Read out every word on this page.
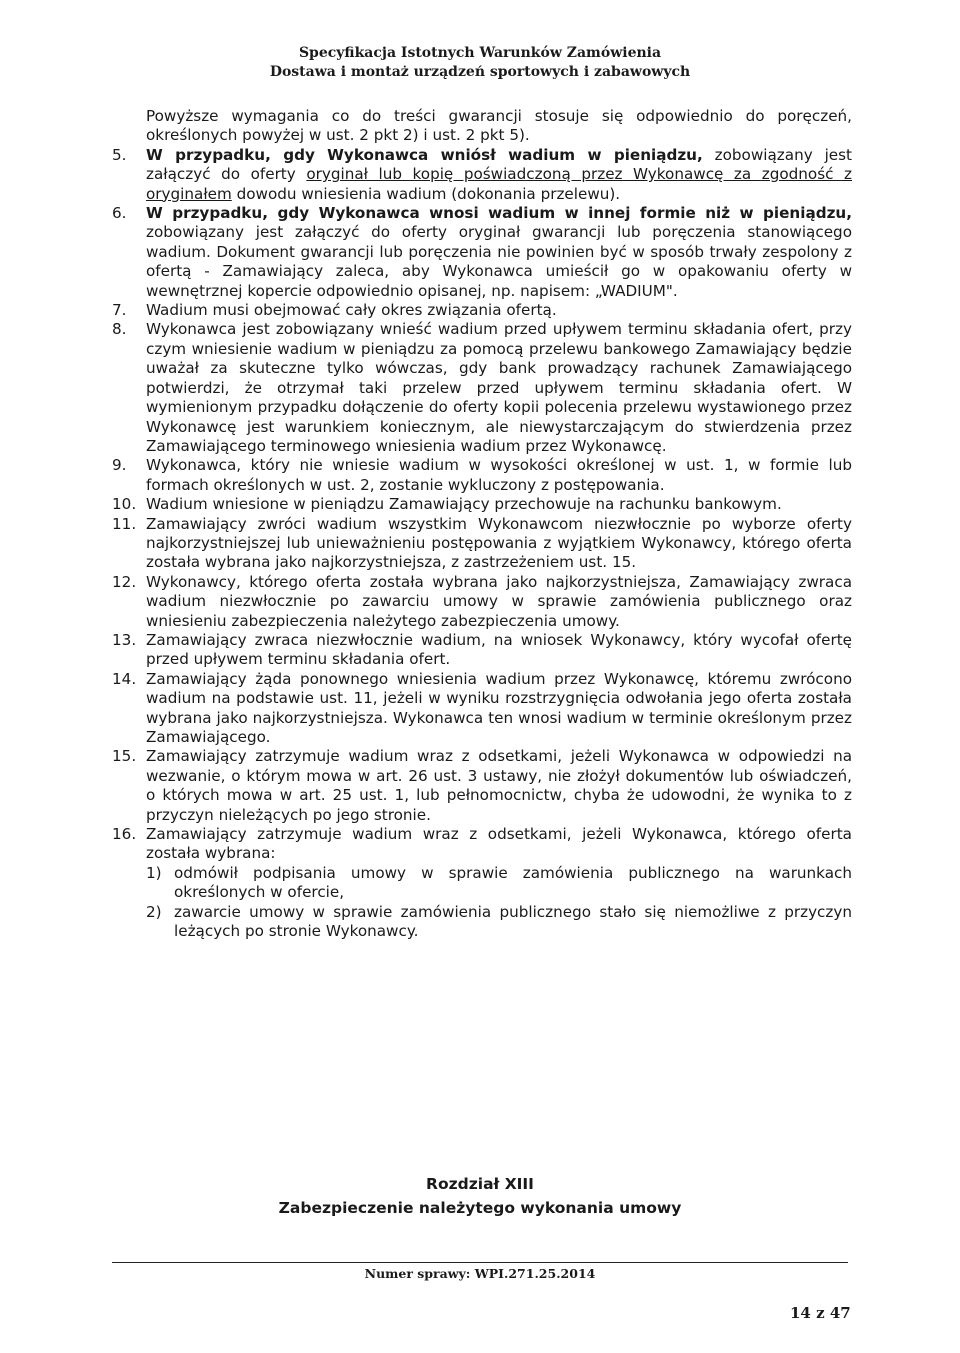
Specyfikacja Istotnych Warunków Zamówienia
Dostawa i montaż urządzeń sportowych i zabawowych
Powyższe wymagania co do treści gwarancji stosuje się odpowiednio do poręczeń, określonych powyżej w ust. 2 pkt 2) i ust. 2 pkt 5).
5.	W przypadku, gdy Wykonawca wniósł wadium w pieniądzu, zobowiązany jest załączyć do oferty oryginał lub kopię poświadczoną przez Wykonawcę za zgodność z oryginałem dowodu wniesienia wadium (dokonania przelewu).
6.	W przypadku, gdy Wykonawca wnosi wadium w innej formie niż w pieniądzu, zobowiązany jest załączyć do oferty oryginał gwarancji lub poręczenia stanowiącego wadium. Dokument gwarancji lub poręczenia nie powinien być w sposób trwały zespolony z ofertą - Zamawiający zaleca, aby Wykonawca umieścił go w opakowaniu oferty w wewnętrznej kopercie odpowiednio opisanej, np. napisem: „WADIUM".
7.	Wadium musi obejmować cały okres związania ofertą.
8.	Wykonawca jest zobowiązany wnieść wadium przed upływem terminu składania ofert, przy czym wniesienie wadium w pieniądzu za pomocą przelewu bankowego Zamawiający będzie uważał za skuteczne tylko wówczas, gdy bank prowadzący rachunek Zamawiającego potwierdzi, że otrzymał taki przelew przed upływem terminu składania ofert. W wymienionym przypadku dołączenie do oferty kopii polecenia przelewu wystawionego przez Wykonawcę jest warunkiem koniecznym, ale niewystarczającym do stwierdzenia przez Zamawiającego terminowego wniesienia wadium przez Wykonawcę.
9.	Wykonawca, który nie wniesie wadium w wysokości określonej w ust. 1, w formie lub formach określonych w ust. 2, zostanie wykluczony z postępowania.
10. Wadium wniesione w pieniądzu Zamawiający przechowuje na rachunku bankowym.
11. Zamawiający zwróci wadium wszystkim Wykonawcom niezwłocznie po wyborze oferty najkorzystniejszej lub unieważnieniu postępowania z wyjątkiem Wykonawcy, którego oferta została wybrana jako najkorzystniejsza, z zastrzeżeniem ust. 15.
12. Wykonawcy, którego oferta została wybrana jako najkorzystniejsza, Zamawiający zwraca wadium niezwłocznie po zawarciu umowy w sprawie zamówienia publicznego oraz wniesieniu zabezpieczenia należytego zabezpieczenia umowy.
13. Zamawiający zwraca niezwłocznie wadium, na wniosek Wykonawcy, który wycofał ofertę przed upływem terminu składania ofert.
14. Zamawiający żąda ponownego wniesienia wadium przez Wykonawcę, któremu zwrócono wadium na podstawie ust. 11, jeżeli w wyniku rozstrzygnięcia odwołania jego oferta została wybrana jako najkorzystniejsza. Wykonawca ten wnosi wadium w terminie określonym przez Zamawiającego.
15. Zamawiający zatrzymuje wadium wraz z odsetkami, jeżeli Wykonawca w odpowiedzi na wezwanie, o którym mowa w art. 26 ust. 3 ustawy, nie złożył dokumentów lub oświadczeń, o których mowa w art. 25 ust. 1, lub pełnomocnictw, chyba że udowodni, że wynika to z przyczyn nieleżących po jego stronie.
16. Zamawiający zatrzymuje wadium wraz z odsetkami, jeżeli Wykonawca, którego oferta została wybrana:
1) odmówił podpisania umowy w sprawie zamówienia publicznego na warunkach określonych w ofercie,
2) zawarcie umowy w sprawie zamówienia publicznego stało się niemożliwe z przyczyn leżących po stronie Wykonawcy.
Rozdział XIII
Zabezpieczenie należytego wykonania umowy
Numer sprawy: WPI.271.25.2014
14 z 47
